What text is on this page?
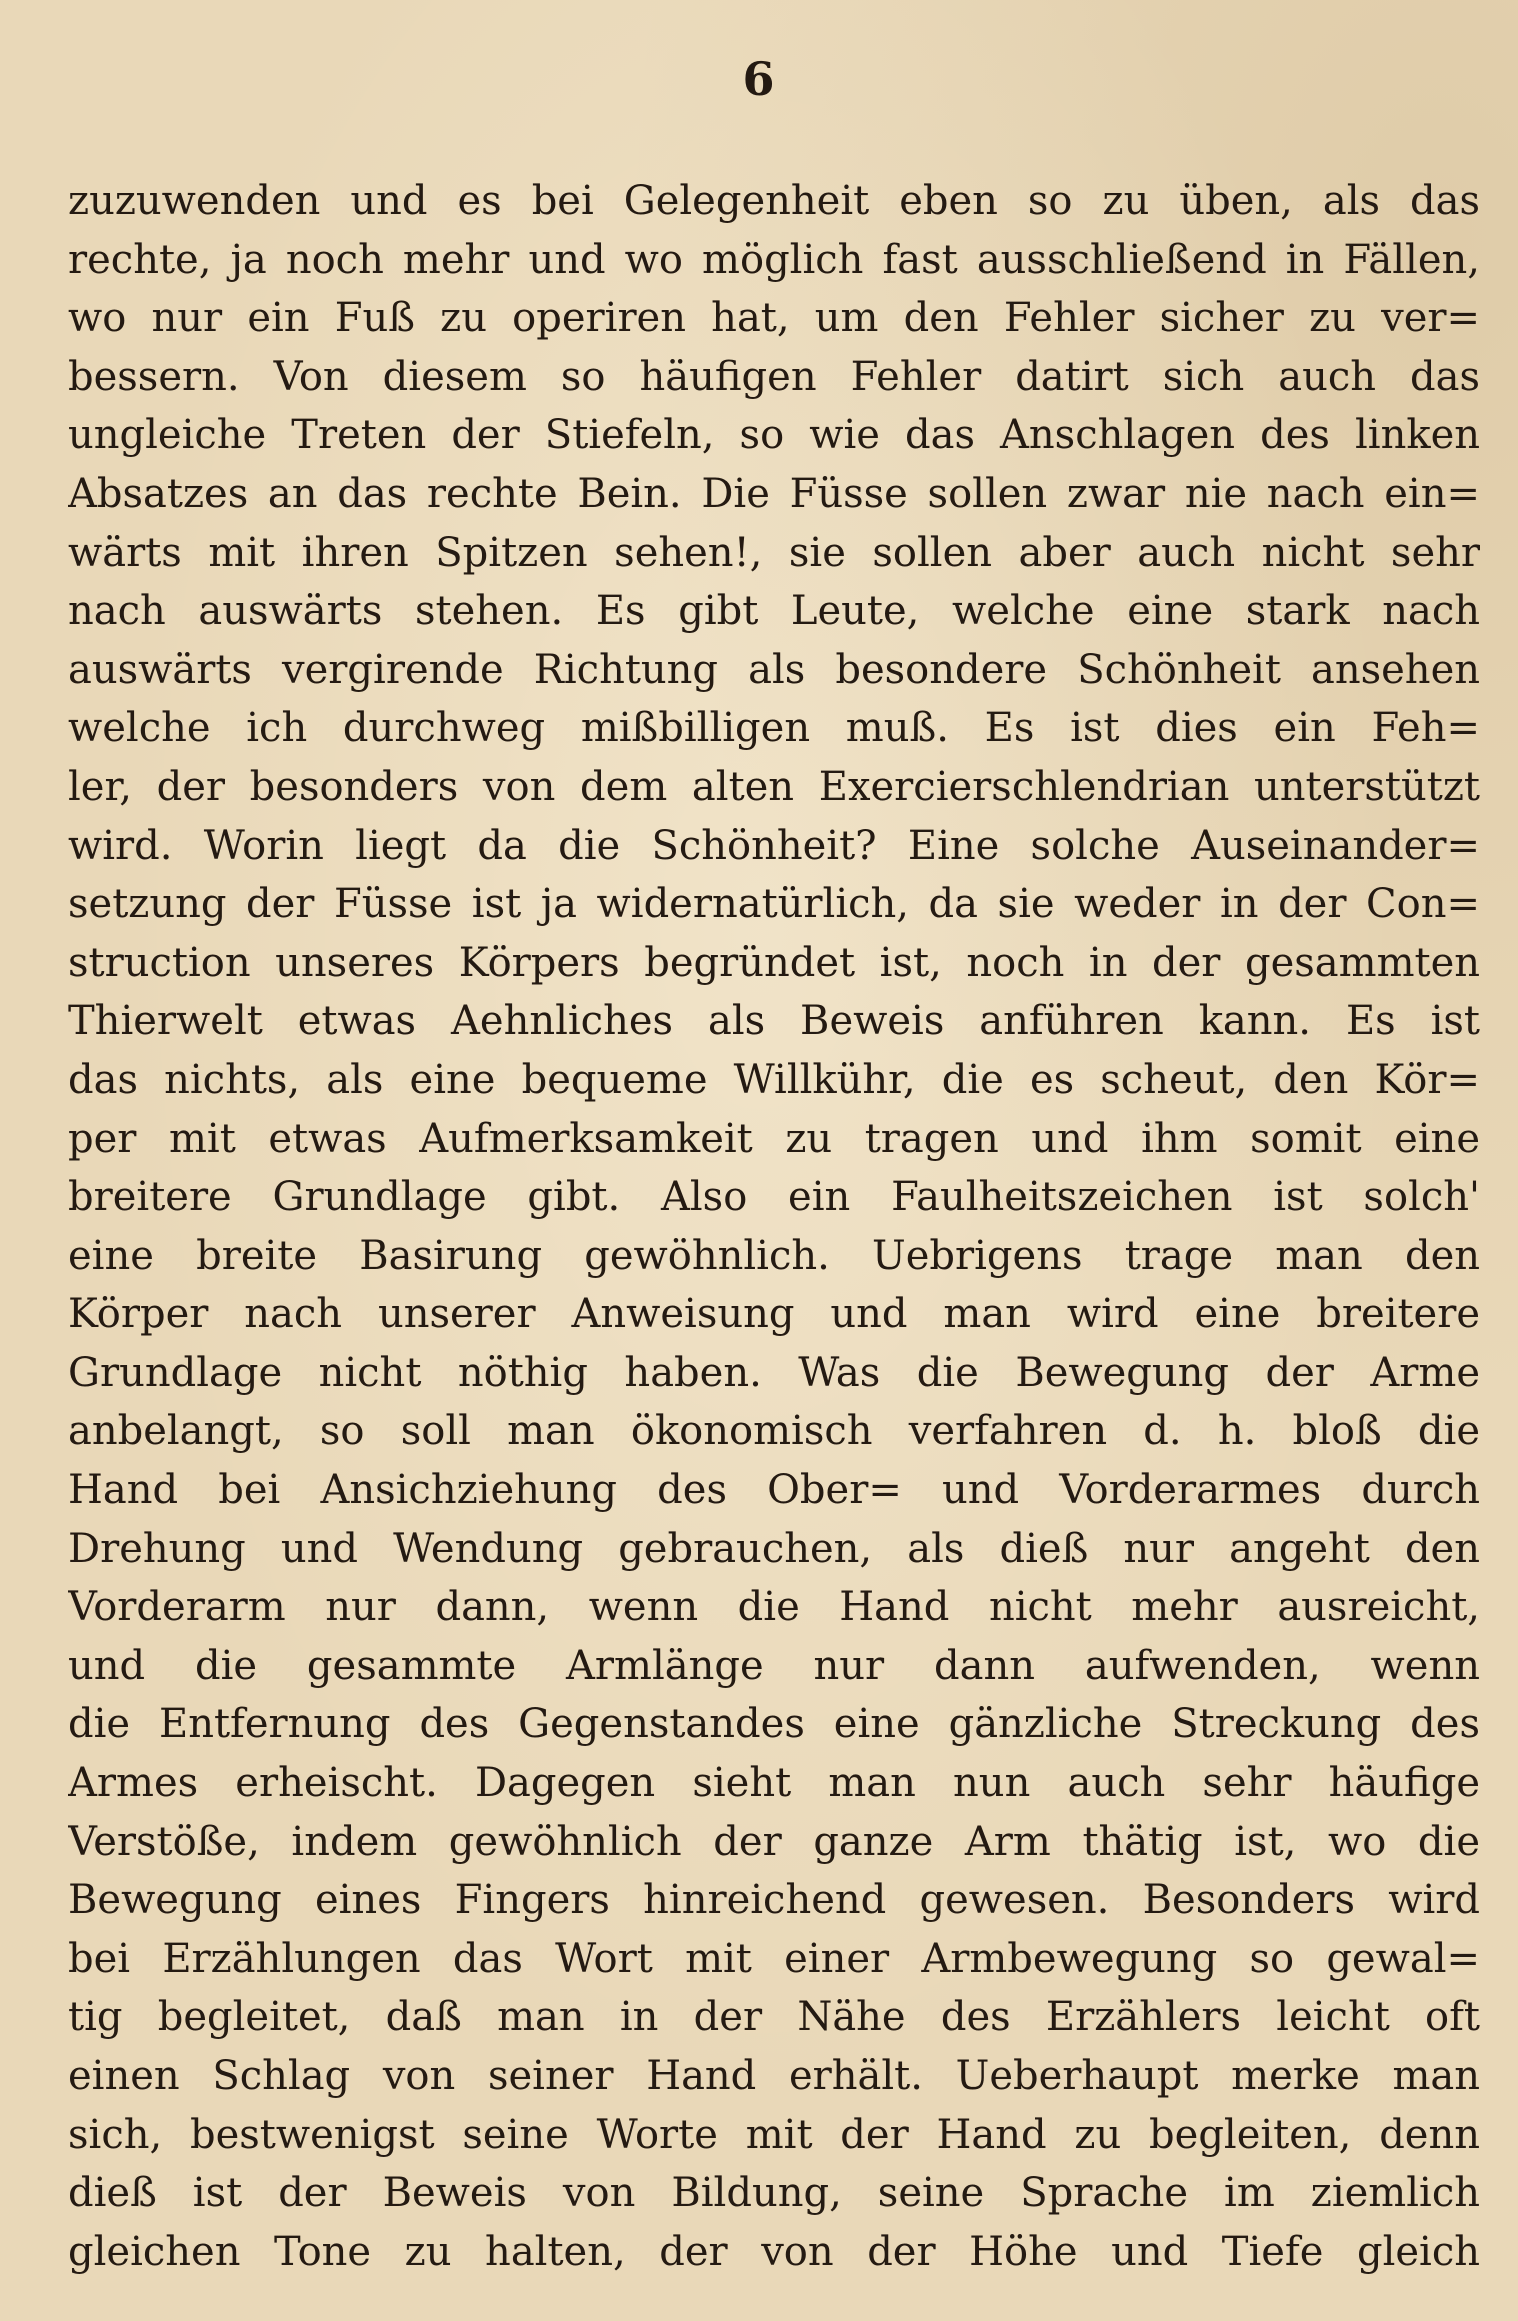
6
zuzuwenden und es bei Gelegenheit eben so zu üben, als das
rechte, ja noch mehr und wo möglich fast ausschließend in Fällen,
wo nur ein Fuß zu operiren hat, um den Fehler sicher zu ver=
bessern. Von diesem so häufigen Fehler datirt sich auch das
ungleiche Treten der Stiefeln, so wie das Anschlagen des linken
Absatzes an das rechte Bein. Die Füsse sollen zwar nie nach ein=
wärts mit ihren Spitzen sehen!, sie sollen aber auch nicht sehr
nach auswärts stehen. Es gibt Leute, welche eine stark nach
auswärts vergirende Richtung als besondere Schönheit ansehen
welche ich durchweg mißbilligen muß. Es ist dies ein Feh=
ler, der besonders von dem alten Exercierschlendrian unterstützt
wird. Worin liegt da die Schönheit? Eine solche Auseinander=
setzung der Füsse ist ja widernatürlich, da sie weder in der Con=
struction unseres Körpers begründet ist, noch in der gesammten
Thierwelt etwas Aehnliches als Beweis anführen kann. Es ist
das nichts, als eine bequeme Willkühr, die es scheut, den Kör=
per mit etwas Aufmerksamkeit zu tragen und ihm somit eine
breitere Grundlage gibt. Also ein Faulheitszeichen ist solch'
eine breite Basirung gewöhnlich. Uebrigens trage man den
Körper nach unserer Anweisung und man wird eine breitere
Grundlage nicht nöthig haben. Was die Bewegung der Arme
anbelangt, so soll man ökonomisch verfahren d. h. bloß die
Hand bei Ansichziehung des Ober= und Vorderarmes durch
Drehung und Wendung gebrauchen, als dieß nur angeht den
Vorderarm nur dann, wenn die Hand nicht mehr ausreicht,
und die gesammte Armlänge nur dann aufwenden, wenn
die Entfernung des Gegenstandes eine gänzliche Streckung des
Armes erheischt. Dagegen sieht man nun auch sehr häufige
Verstöße, indem gewöhnlich der ganze Arm thätig ist, wo die
Bewegung eines Fingers hinreichend gewesen. Besonders wird
bei Erzählungen das Wort mit einer Armbewegung so gewal=
tig begleitet, daß man in der Nähe des Erzählers leicht oft
einen Schlag von seiner Hand erhält. Ueberhaupt merke man
sich, bestwenigst seine Worte mit der Hand zu begleiten, denn
dieß ist der Beweis von Bildung, seine Sprache im ziemlich
gleichen Tone zu halten, der von der Höhe und Tiefe gleich
